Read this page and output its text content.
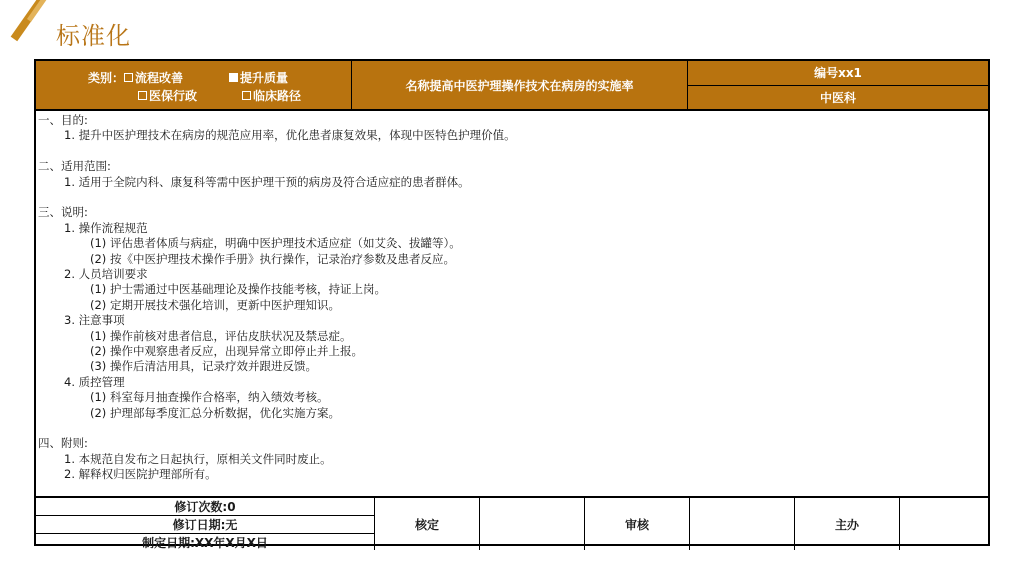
标准化
类别： 流程改善	提升质量
医保行政	临床路径
名称提高中医护理操作技术在病房的实施率
编号xx1
中医科
一、目的:
1. 提升中医护理技术在病房的规范应用率，优化患者康复效果，体现中医特色护理价值。
二、适用范围:
1. 适用于全院内科、康复科等需中医护理干预的病房及符合适应症的患者群体。
三、说明:
1. 操作流程规范
(1) 评估患者体质与病症，明确中医护理技术适应症（如艾灸、拔罐等）。
(2) 按《中医护理技术操作手册》执行操作，记录治疗参数及患者反应。
2. 人员培训要求
(1) 护士需通过中医基础理论及操作技能考核，持证上岗。
(2) 定期开展技术强化培训，更新中医护理知识。
3. 注意事项
(1) 操作前核对患者信息，评估皮肤状况及禁忌症。
(2) 操作中观察患者反应，出现异常立即停止并上报。
(3) 操作后清洁用具，记录疗效并跟进反馈。
4. 质控管理
(1) 科室每月抽查操作合格率，纳入绩效考核。
(2) 护理部每季度汇总分析数据，优化实施方案。
四、附则:
1. 本规范自发布之日起执行，原相关文件同时废止。
2. 解释权归医院护理部所有。
修订次数:0
修订日期:无
制定日期:XX年X月X日
核定	审核	主办
